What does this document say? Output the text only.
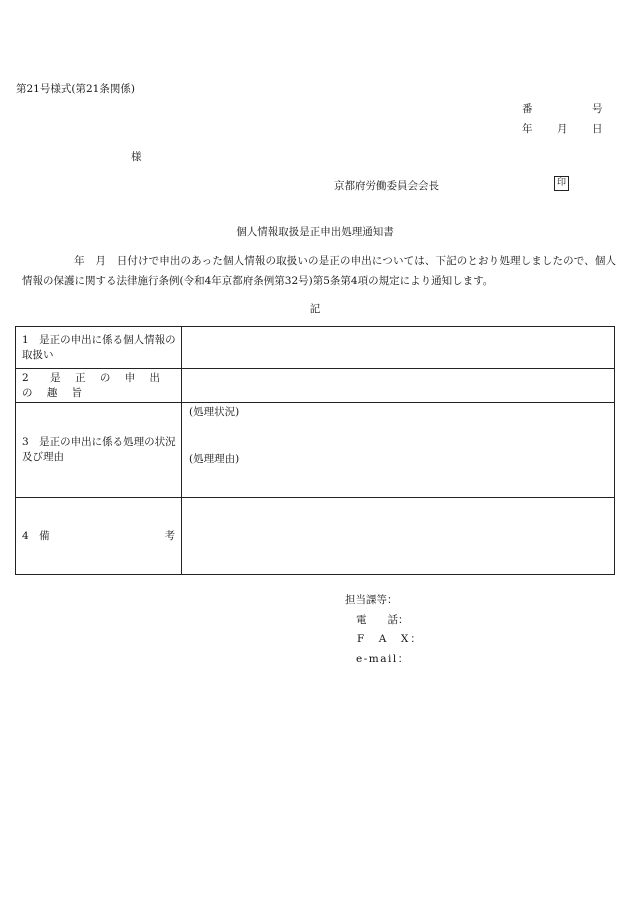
第21号様式(第21条関係)
番	号
年 月 日
様
京都府労働委員会会長	印
個人情報取扱是正申出処理通知書
年　月　日付けで申出のあった個人情報の取扱いの是正の申出については、下記のとおり処理しましたので、個人情報の保護に関する法律施行条例(令和4年京都府条例第32号)第5条第4項の規定により通知します。
記
1　是正の申出に係る個人情報の取扱い	
2　是 正 の 申 出 の 趣 旨	
3　是正の申出に係る処理の状況及び理由	(処理状況)
(処理理由)

4　備 考	

担当課等：
電　　話：
F　A　X：
e-mail：
